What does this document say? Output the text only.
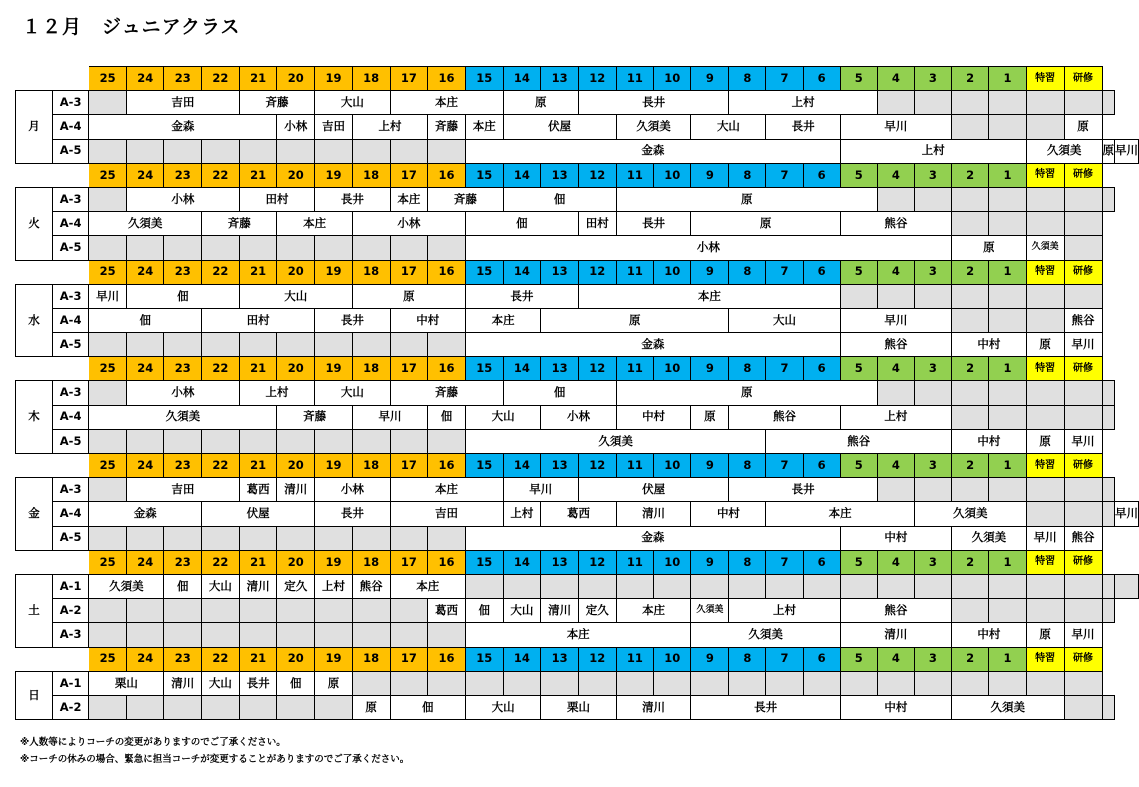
１２月　ジュニアクラス
		25	24	23	22	21	20	19	18	17	16	15	14	13	12	11	10	9	8	7	6	5	4	3	2	1	特習	研修		
月	A-3		吉田			斉藤		大山		本庄			原		長井				上村											
	A-4	金森					小林	吉田	上村		斉藤	本庄	伏屋			久須美		大山		長井		早川						原		
	A-5											金森										上村					久須美		原	早川
		25	24	23	22	21	20	19	18	17	16	15	14	13	12	11	10	9	8	7	6	5	4	3	2	1	特習	研修		
火	A-3		小林			田村		長井		本庄	斉藤		佃			原														
	A-4	久須美			斉藤		本庄		小林			佃			田村	長井		原				熊谷								
	A-5											小林													原		久須美			
		25	24	23	22	21	20	19	18	17	16	15	14	13	12	11	10	9	8	7	6	5	4	3	2	1	特習	研修		
水	A-3	早川	佃			大山			原			長井			本庄															
	A-4	佃			田村			長井		中村		本庄		原					大山			早川						熊谷		
	A-5											金森										熊谷			中村		原	早川		
		25	24	23	22	21	20	19	18	17	16	15	14	13	12	11	10	9	8	7	6	5	4	3	2	1	特習	研修		
木	A-3		小林			上村		大山		斉藤			佃			原														
	A-4	久須美					斉藤		早川		佃	大山		小林		中村		原	熊谷			上村								
	A-5											久須美								熊谷					中村		原	早川		
		25	24	23	22	21	20	19	18	17	16	15	14	13	12	11	10	9	8	7	6	5	4	3	2	1	特習	研修		
金	A-3		吉田			葛西	清川	小林		本庄			早川		伏屋				長井											
	A-4	金森			伏屋			長井		吉田			上村	葛西		清川		中村		本庄				久須美						早川
	A-5											金森										中村			久須美		早川	熊谷		
		25	24	23	22	21	20	19	18	17	16	15	14	13	12	11	10	9	8	7	6	5	4	3	2	1	特習	研修		
土	A-1	久須美		佃	大山	清川	定久	上村	熊谷	本庄																				
	A-2										葛西	佃	大山	清川	定久	本庄		久須美	上村			熊谷								
	A-3											本庄						久須美				清川			中村		原	早川		
		25	24	23	22	21	20	19	18	17	16	15	14	13	12	11	10	9	8	7	6	5	4	3	2	1	特習	研修		
日	A-1	栗山		清川	大山	長井	佃	原																						
	A-2								原	佃		大山		栗山		清川		長井				中村			久須美					
※人数等によりコーチの変更がありますのでご了承ください。
※コーチの休みの場合、緊急に担当コーチが変更することがありますのでご了承ください。
